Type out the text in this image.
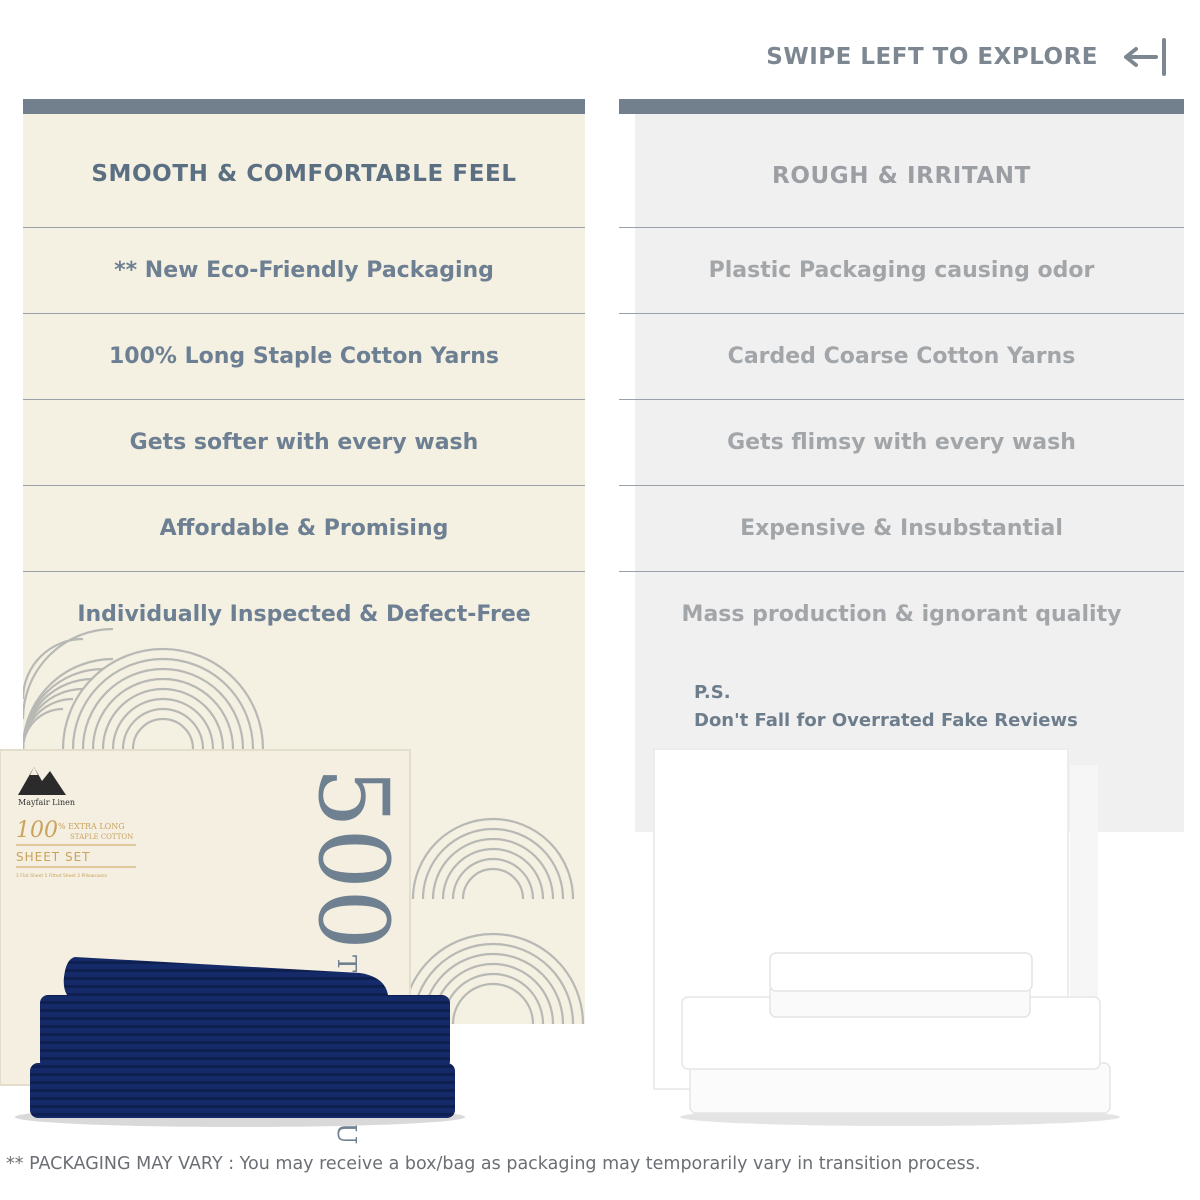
SWIPE LEFT TO EXPLORE
SMOOTH & COMFORTABLE FEEL
** New Eco-Friendly Packaging
100% Long Staple Cotton Yarns
Gets softer with every wash
Affordable & Promising
Individually Inspected & Defect-Free
Mayfair Linen
100 % EXTRA LONG
STAPLE COTTON
SHEET SET
1 Flat Sheet 1 Fitted Sheet 2 Pillowcases 500
ROUGH & IRRITANT
Plastic Packaging causing odor
Carded Coarse Cotton Yarns
Gets flimsy with every wash
Expensive & Insubstantial
Mass production & ignorant quality
P.S.
Don't Fall for Overrated Fake Reviews
** PACKAGING MAY VARY : You may receive a box/bag as packaging may temporarily vary in transition process.
